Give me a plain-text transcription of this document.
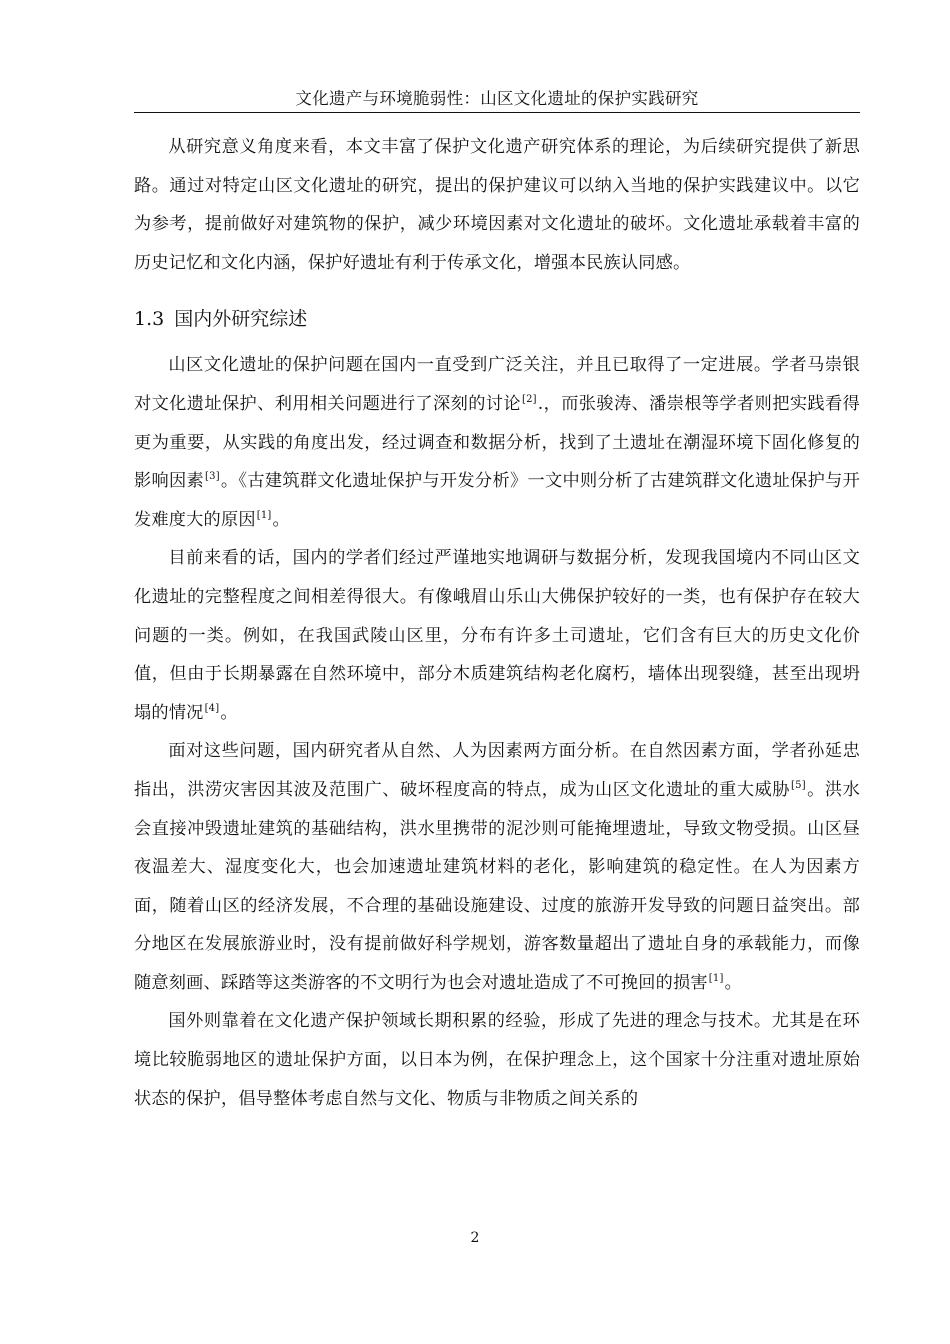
文化遗产与环境脆弱性：山区文化遗址的保护实践研究

从研究意义角度来看，本文丰富了保护文化遗产研究体系的理论，为后续研究提供了新思路。通过对特定山区文化遗址的研究，提出的保护建议可以纳入当地的保护实践建议中。以它为参考，提前做好对建筑物的保护，减少环境因素对文化遗址的破坏。文化遗址承载着丰富的历史记忆和文化内涵，保护好遗址有利于传承文化，增强本民族认同感。

1.3 国内外研究综述

山区文化遗址的保护问题在国内一直受到广泛关注，并且已取得了一定进展。学者马崇银对文化遗址保护、利用相关问题进行了深刻的讨论[2].，而张骏涛、潘崇根等学者则把实践看得更为重要，从实践的角度出发，经过调查和数据分析，找到了土遗址在潮湿环境下固化修复的影响因素[3]。《古建筑群文化遗址保护与开发分析》一文中则分析了古建筑群文化遗址保护与开发难度大的原因[1]。

目前来看的话，国内的学者们经过严谨地实地调研与数据分析，发现我国境内不同山区文化遗址的完整程度之间相差得很大。有像峨眉山乐山大佛保护较好的一类，也有保护存在较大问题的一类。例如，在我国武陵山区里，分布有许多土司遗址，它们含有巨大的历史文化价值，但由于长期暴露在自然环境中，部分木质建筑结构老化腐朽，墙体出现裂缝，甚至出现坍塌的情况[4]。

面对这些问题，国内研究者从自然、人为因素两方面分析。在自然因素方面，学者孙延忠指出，洪涝灾害因其波及范围广、破坏程度高的特点，成为山区文化遗址的重大威胁[5]。洪水会直接冲毁遗址建筑的基础结构，洪水里携带的泥沙则可能掩埋遗址，导致文物受损。山区昼夜温差大、湿度变化大，也会加速遗址建筑材料的老化，影响建筑的稳定性。在人为因素方面，随着山区的经济发展，不合理的基础设施建设、过度的旅游开发导致的问题日益突出。部分地区在发展旅游业时，没有提前做好科学规划，游客数量超出了遗址自身的承载能力，而像随意刻画、踩踏等这类游客的不文明行为也会对遗址造成了不可挽回的损害[1]。

国外则靠着在文化遗产保护领域长期积累的经验，形成了先进的理念与技术。尤其是在环境比较脆弱地区的遗址保护方面，以日本为例，在保护理念上，这个国家十分注重对遗址原始状态的保护，倡导整体考虑自然与文化、物质与非物质之间关系的

2
